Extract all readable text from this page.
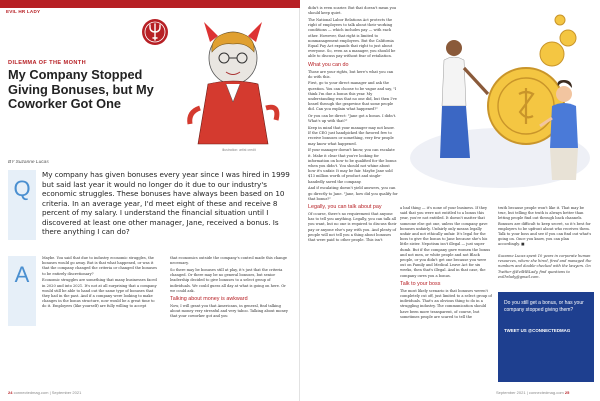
EVIL HR LADY
DILEMMA OF THE MONTH
My Company Stopped Giving Bonuses, but My Coworker Got One
illustration: artist credit
BY Suzanne Lucas
Q
My company has given bonuses every year since I was hired in 1999 but said last year it would no longer do it due to our industry's economic struggles. These bonuses have always been based on 10 criteria. In an average year, I'd meet eight of these and receive 8 percent of my salary. I understand the financial situation until I discovered at least one other manager, Jane, received a bonus. Is there anything I can do?
A

Maybe. You said that due to industry economic struggles, the bonuses would go away. But is that what happened, or was it that the company changed the criteria or changed the bonuses to be entirely discretionary?

Economic struggles are something that many businesses faced in 2020 and into 2021. It's not at all surprising that a company would still be able to hand out the same type of bonuses that they had in the past. And if a company were looking to make changes in the bonus structure, now would be a great time to do it. Employees (like yourself) are fully willing to accept

that economics outside the company's control made this change necessary.

So there may be bonuses still at play, it's just that the criteria changed. Or there may be no general bonuses, but senior leadership decided to give bonuses to a select group of individuals. We could guess all day at what is going on here. Or we could ask.

Talking about money is awkward

Now, I will grant you that Americans, in general, find talking about money very stressful and very taboo. Talking about money that your coworker got and you

24 connectedmag.com | September 2021

didn't is even scarier. But that doesn't mean you should keep quiet.

The National Labor Relations Act protects the right of employees to talk about their working conditions — which includes pay — with each other. However, that right is limited to nonmanagement employees. But the California Equal Pay Act expands that right to just about everyone. So, even as a manager, you should be able to discuss pay without fear of retaliation.

What you can do

Those are your rights, but here's what you can do with this.

First, go to your direct manager and ask the question. You can choose to be vague and say, "I think I'm due a bonus this year. My understanding was that no one did, but then I've heard through the grapevine that some people did. Can you explain what happened?"

Or you can be direct: "Jane got a bonus. I didn't. What's up with that?"

Keep in mind that your manager may not know. If the CEO just handpicked the favored few to receive bonuses or something, very few people may know what happened.

If your manager doesn't know, you can escalate it. Make it clear that you're looking for information on how to be qualified for the bonus when you didn't. You should not whine about how it's unfair. It may be fair. Maybe Jane sold $13 million worth of product and single-handedly saved the company.

And if escalating doesn't yield answers, you can go directly to Jane. "Jane, how did you qualify for that bonus?"

Legally, you can talk about pay

Of course, there's no requirement that anyone has to tell you anything. Legally, you can talk all you want, but no one is required to discuss their pay or anyone else's pay with you. And plenty of people will not tell you a thing about bonuses that were paid to other people. This isn't

a bad thing — it's none of your business. If they said that you were not entitled to a bonus this year, you're not entitled. It doesn't matter that someone else got one, unless the company gave bonuses unfairly. Unfairly only means legally unfair and not ethically unfair. It's legal for the boss to give the bonus to Jane because she's his little sister. Nepotism isn't illegal — just super dumb. But if the company gave women the bonus and not men, or white people and not Black people, or you didn't get one because you were out on Family and Medical Leave Act for six weeks, then that's illegal. And in that case, the company owes you a bonus.

Talk to your boss

The most likely scenario is that bonuses weren't completely cut off, just limited to a select group of individuals. That's an obvious thing to do in a struggling industry. The communication should have been more transparent, of course, but sometimes people are scared to tell the

truth because people won't like it. That may be true, but telling the truth is always better than letting people find out through back channels. Bonuses are difficult to keep secret, so it's best for employers to be upfront about who receives them. Talk to your boss and see if you can find out what's going on. Once you know, you can plan accordingly. ■

Suzanne Lucas spent 10 years in corporate human resources, where she hired, fired and managed the numbers and double-checked with the lawyers. On Twitter @EvilHRLady, find questions to evilhrlady@gmail.com.

Do you still get a bonus, or has your company stopped giving them?
TWEET US @CONNECTEDMAG
September 2021 | connectedmag.com 25
